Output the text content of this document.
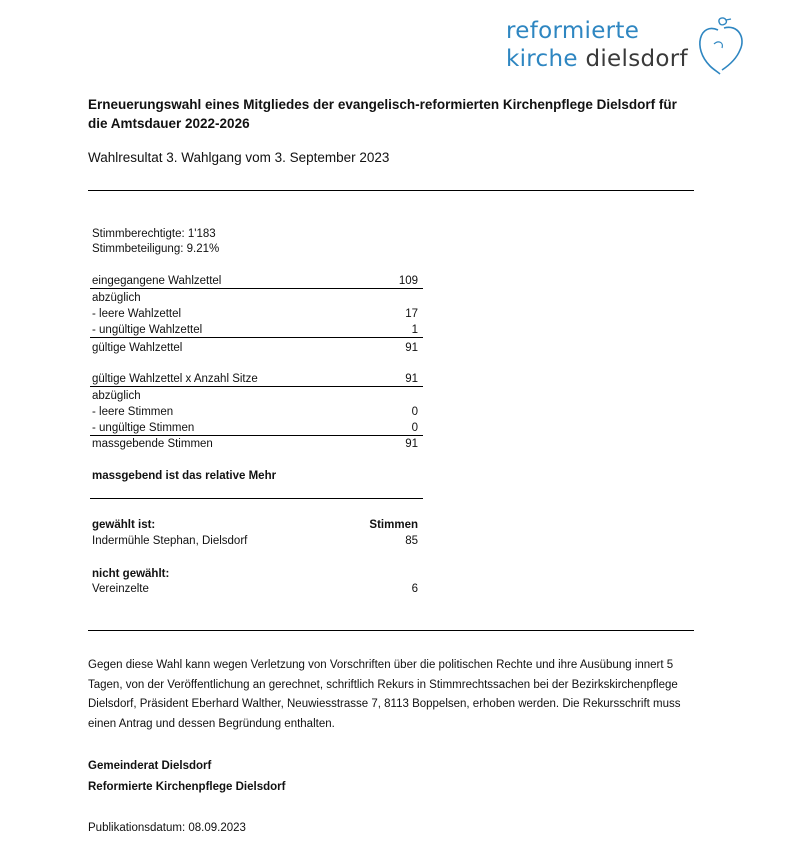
reformierte
kirche dielsdorf
Erneuerungswahl eines Mitgliedes der evangelisch-reformierten Kirchenpflege Dielsdorf für die Amtsdauer 2022-2026
Wahlresultat 3. Wahlgang vom 3. September 2023
Stimmberechtigte: 1'183
Stimmbeteiligung: 9.21%
eingegangene Wahlzettel	109
abzüglich
- leere Wahlzettel	17
- ungültige Wahlzettel	1
gültige Wahlzettel	91
gültige Wahlzettel x Anzahl Sitze	91
abzüglich
- leere Stimmen	0
- ungültige Stimmen	0
massgebende Stimmen	91
massgebend ist das relative Mehr
gewählt ist:	Stimmen
Indermühle Stephan, Dielsdorf	85
nicht gewählt:
Vereinzelte	6
Gegen diese Wahl kann wegen Verletzung von Vorschriften über die politischen Rechte und ihre Ausübung innert 5 Tagen, von der Veröffentlichung an gerechnet, schriftlich Rekurs in Stimmrechtssachen bei der Bezirkskirchenpflege Dielsdorf, Präsident Eberhard Walther, Neuwiesstrasse 7, 8113 Boppelsen, erhoben werden. Die Rekursschrift muss einen Antrag und dessen Begründung enthalten.
Gemeinderat Dielsdorf
Reformierte Kirchenpflege Dielsdorf
Publikationsdatum: 08.09.2023
